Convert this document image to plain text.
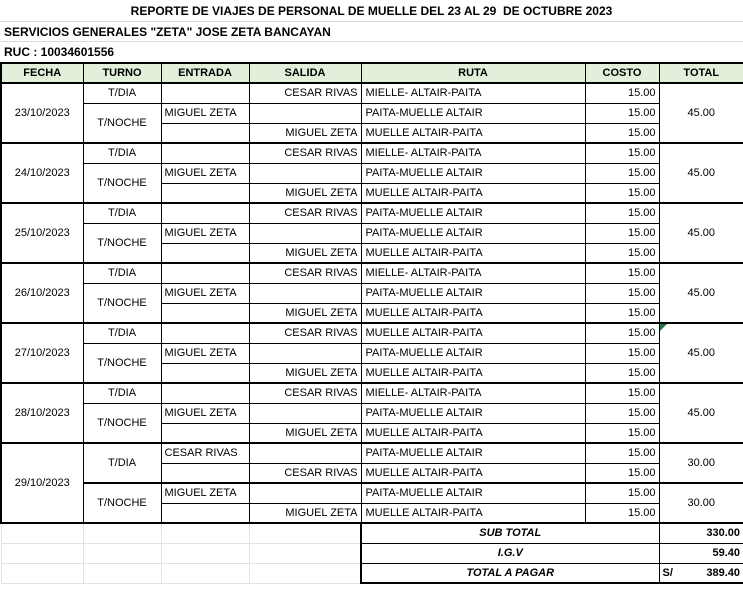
REPORTE DE VIAJES DE PERSONAL DE MUELLE DEL 23 AL 29  DE OCTUBRE 2023
SERVICIOS GENERALES "ZETA" JOSE ZETA BANCAYAN
RUC : 10034601556
FECHA	TURNO	ENTRADA	SALIDA	RUTA	COSTO	TOTAL
23/10/2023	T/DIA		CESAR RIVAS	MIELLE- ALTAIR-PAITA	15.00	45.00
	T/NOCHE	MIGUEL ZETA		PAITA-MUELLE ALTAIR	15.00	
			MIGUEL ZETA	MUELLE ALTAIR-PAITA	15.00	
24/10/2023	T/DIA		CESAR RIVAS	MIELLE- ALTAIR-PAITA	15.00	45.00
	T/NOCHE	MIGUEL ZETA		PAITA-MUELLE ALTAIR	15.00	
			MIGUEL ZETA	MUELLE ALTAIR-PAITA	15.00	
25/10/2023	T/DIA		CESAR RIVAS	PAITA-MUELLE ALTAIR	15.00	45.00
	T/NOCHE	MIGUEL ZETA		PAITA-MUELLE ALTAIR	15.00	
			MIGUEL ZETA	MUELLE ALTAIR-PAITA	15.00	
26/10/2023	T/DIA		CESAR RIVAS	MIELLE- ALTAIR-PAITA	15.00	45.00
	T/NOCHE	MIGUEL ZETA		PAITA-MUELLE ALTAIR	15.00	
			MIGUEL ZETA	MUELLE ALTAIR-PAITA	15.00	
27/10/2023	T/DIA		CESAR RIVAS	MUELLE ALTAIR-PAITA	15.00	45.00
	T/NOCHE	MIGUEL ZETA		PAITA-MUELLE ALTAIR	15.00	
			MIGUEL ZETA	MUELLE ALTAIR-PAITA	15.00	
28/10/2023	T/DIA		CESAR RIVAS	MIELLE- ALTAIR-PAITA	15.00	45.00
	T/NOCHE	MIGUEL ZETA		PAITA-MUELLE ALTAIR	15.00	
			MIGUEL ZETA	MUELLE ALTAIR-PAITA	15.00	
29/10/2023	T/DIA	CESAR RIVAS		PAITA-MUELLE ALTAIR	15.00	30.00
			CESAR RIVAS	MUELLE ALTAIR-PAITA	15.00	
	T/NOCHE	MIGUEL ZETA		PAITA-MUELLE ALTAIR	15.00	30.00
			MIGUEL ZETA	MUELLE ALTAIR-PAITA	15.00	
				SUB TOTAL		330.00
				I.G.V		59.40
				TOTAL A PAGAR		S/ 389.40
